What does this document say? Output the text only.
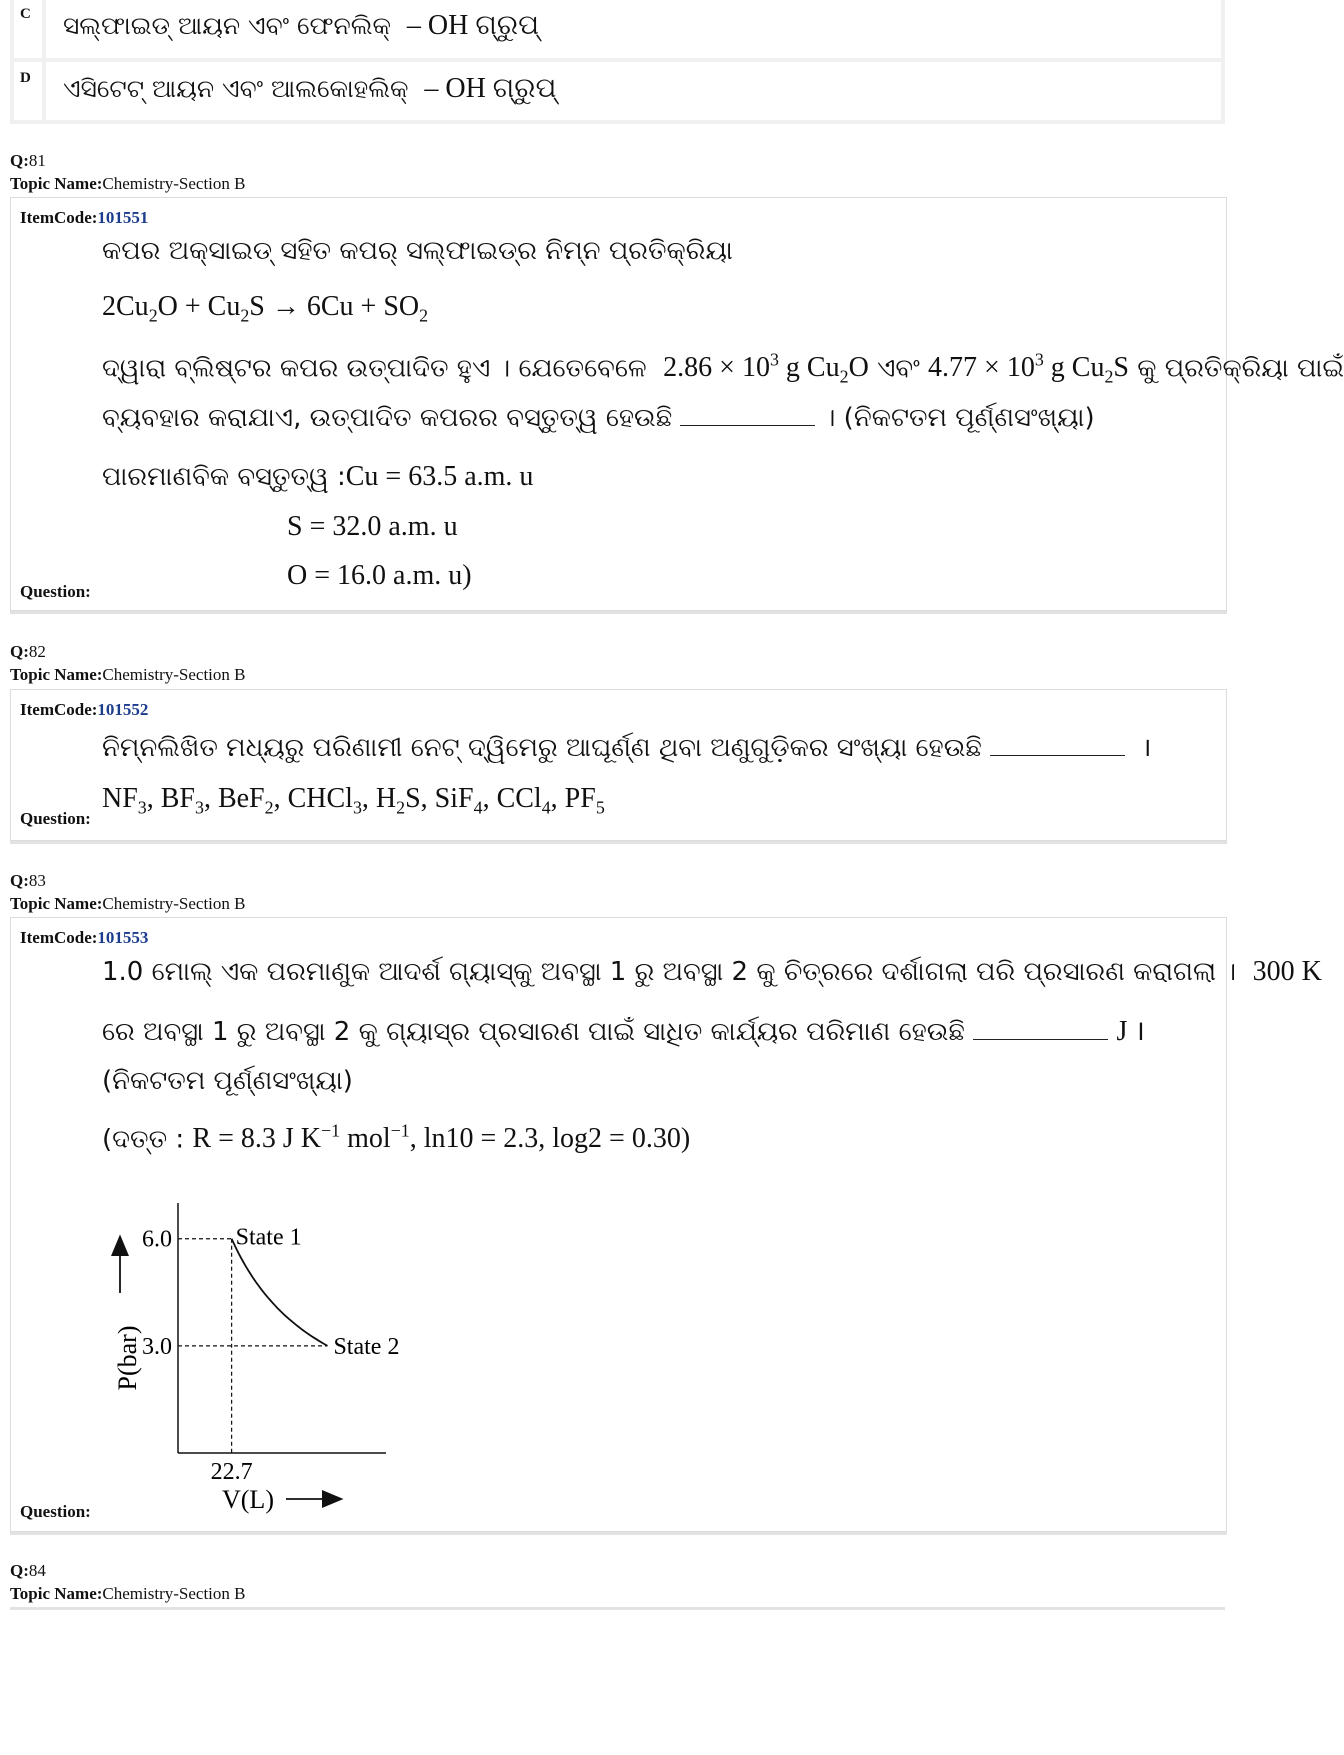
C ସଲ୍‌ଫାଇଡ୍ ଆୟନ ଏବଂ ଫେନଲିକ୍ – OH ଗ୍ରୁପ୍
D ଏସିଟେଟ୍ ଆୟନ ଏବଂ ଆଲକୋହଲିକ୍ – OH ଗ୍ରୁପ୍
Q:81
Topic Name:Chemistry-Section B
ItemCode:101551
କପର ଅକ୍ସାଇଡ୍ ସହିତ କପର୍ ସଲ୍‌ଫାଇଡ୍‌ର ନିମ୍ନ ପ୍ରତିକ୍ରିୟା
$2Cu_2O + Cu_2S \to 6Cu + SO_2$
ଦ୍ୱାରା ବ୍ଲିଷ୍ଟର କପର ଉତ୍ପାଦିତ ହୁଏ । ଯେତେବେଳେ $2.86 \times 10^3$ g $Cu_2O$ ଏବଂ $4.77 \times 10^3$ g $Cu_2S$ କୁ ପ୍ରତିକ୍ରିୟା ପାଇଁ
ବ୍ୟବହାର କରାଯାଏ, ଉତ୍ପାଦିତ କପରର ବସ୍ତୁତ୍ୱ ହେଉଛି	। (ନିକଟତମ ପୂର୍ଣ୍ଣସଂଖ୍ୟା)
ପାରମାଣବିକ ବସ୍ତୁତ୍ୱ :Cu = 63.5 a.m. u
S = 32.0 a.m. u
O = 16.0 a.m. u)
Question:
Q:82
Topic Name:Chemistry-Section B
ItemCode:101552
ନିମ୍ନଲିଖିତ ମଧ୍ୟରୁ ପରିଣାମୀ ନେଟ୍ ଦ୍ୱିମେରୁ ଆଘୂର୍ଣ୍ଣ ଥିବା ଅଣୁଗୁଡ଼ିକର ସଂଖ୍ୟା ହେଉଛି	।
$NF_3$, $BF_3$, BeF$_2$, CHCl$_3$, $H_2S$, SiF$_4$, CCl$_4$, $PF_5$
Question:
Q:83
Topic Name:Chemistry-Section B
ItemCode:101553
1.0 ମୋଲ୍ ଏକ ପରମାଣୁକ ଆଦର୍ଶ ଗ୍ୟାସ୍‌କୁ ଅବସ୍ଥା 1 ରୁ ଅବସ୍ଥା 2 କୁ ଚିତ୍ରରେ ଦର୍ଶାଗଲା ପରି ପ୍ରସାରଣ କରାଗଲା । 300 K
ରେ ଅବସ୍ଥା 1 ରୁ ଅବସ୍ଥା 2 କୁ ଗ୍ୟାସ୍‌ର ପ୍ରସାରଣ ପାଇଁ ସାଧିତ କାର୍ଯ୍ୟର ପରିମାଣ ହେଉଛି	J ।
(ନିକଟତମ ପୂର୍ଣ୍ଣସଂଖ୍ୟା)
(ଦତ୍ତ : R = 8.3 J $K^{-1}$ mol$^{-1}$, ln10 = 2.3, log2 = 0.30)
6.0
3.0
22.7
State 1
State 2
V(L)
P(bar)
Question:
Q:84
Topic Name:Chemistry-Section B
